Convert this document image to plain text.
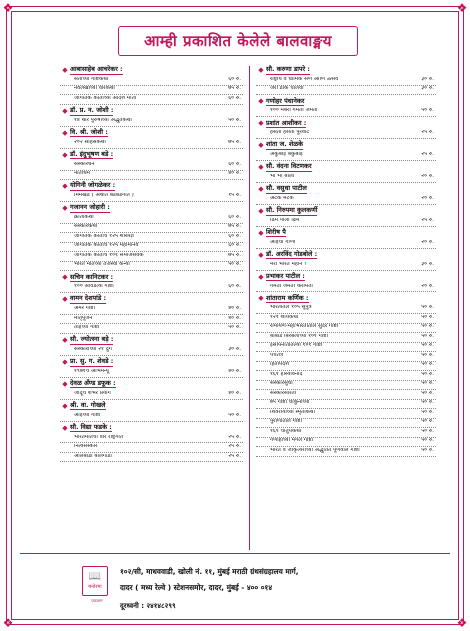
❖	❖
❖	❖
आम्ही प्रकाशित केलेले बालवाङ्मय
◆ आबासाहेब आचरेकर :
संतांच्या गोष्टकथा	६० रु.
नवलखांच्या वीरकथा	७५ रु.
जागतिक कीर्तीच्या आदर्श माता	६० रु.
◆ डॉ. प्र. न. जोशी :
१४ थोर पुरुषांच्या अद्भुतकथा	५० रु.
◆ वि. श्री. जोशी :
२०२ साहसकथा	७५ रु.
◆ डॉ. इंदुभूषण बडे :
संस्कारधन	६० रु.
नीतीधर्म	४० रु.
◆ योगिनी जोगळेकर :
मिमखडे ( अर्थात बडबडगीते )	१५ रु.
◆ गजानन जोहारी :
क्रांतीकथा	६० रु.
संस्कारकथा	७५ रु.
जागतिक कीर्तीचे १२५ शास्त्रज्ञ	६० रु.
जागतिक कीर्तीचे १२५ महामानव	६० रु.
जागतिक कीर्तीचे १०१ समाजसेवक	७५ रु.
भारत मातेच्या तेजस्वी कन्या	५० रु.
◆ सचिन कानिटकर :
१०० आवडत्या गोष्टी	६० रु.
◆ वामन देशपांडे :
अमर गोष्टी	४० रु.
मातृपूजन	४० रु.
ताईच्या गोष्टी	५० रु.
◆ सौ. ज्योत्स्ना बड़े :
संस्कारांच्या २१ दुर्ग	३० रु.
◆ प्रा. सु. ग. शेवडे :
१९७१चे अभिमन्यू	४० रु.
◆ देवळ अँण्ड डफूक :
जादूचे शंभर प्रयोग	४० रु.
◆ श्री. वा. गोखले
आईच्या गोष्टी	५० रु.
◆ सौ. विद्या फडके :
भारतमातेची वीर राष्ट्रगीते	२५ रु.
नित्यसंस्कार	२५ रु.
आलबाडी बालगाडी	२५ रु.
◆ सौ. करुणा डापरे :
राष्ट्रीय व धार्मिक सण आणि उत्सव	३० रु.
जरा डोके चालवा	३० रु.
◆ गणोहर पंधानेकर
१०० मेंबरी गमती जमती	५० रु.
◆ प्रशांत आशीकर :
हसता हसता पुरेवाट	२५ रु.
◆ शांता ज. शेळके
अकुबाई बकुबाई	२५ रु.
◆ सौ. वंदना विटणकर
भो भो बोला	२० रु.
◆ सौ. वसुधा पाटील
अटक मटक	२० रु.
◆ सौ. निरुपमा कुलकर्णी
ढिम पोली ढिम	२५ रु.
◆ शिरीष पै
आईची गाणी	२० रु.
◆ डॉ. अरविंद गोडबोले :
मेरा भारत महान !	३० रु.
◆ प्रभाकर पाटील :
गमती जमती करामती	२० रु.
◆ शांताराम कर्णिक :
भारतातले १०५ सुपुत्र	५० रु.
१२१ शौर्यकथा	५० रु.
रामायण-महाभारतातील सुंदर गोष्टी	५० रु.
बाबाड बिरबलाच्या १०१ गोष्टी	५० रु.
इसापनीतीतल्या १०१ गोष्टी	५० रु.
पंचतंत्र	५० रु.
हितोपदेश	५० रु.
१६१ हास्यविनोद	५० रु.
संस्कारसुधा	५० रु.
संस्कारसरिता	५० रु.
७५ गोष्टी चोकुनाच्या	५० रु.
शिवरायांच्या स्मृतीकथा	५० रु.
पुराणातील गोष्टी	५० रु.
१६१ चातुर्यकथा	५० रु.
गणोहाच्या मंगल गोष्टी	५० रु.
भारत व जाकृत्यरांच्या अद्भुतित पूर्णवाल गोष्टी	५० रु.
📖
मनोरमा
प्रकाशन
१०२/सी, माधववाडी, खोली नं. ११, मुंबई मराठी ग्रंथसंग्रहालय मार्ग,
दादर ( मध्य रेल्वे ) स्टेशनसमोर, दादर, मुंबई - ४०० ०१४
दूरध्वनी : २४१४८२९९
